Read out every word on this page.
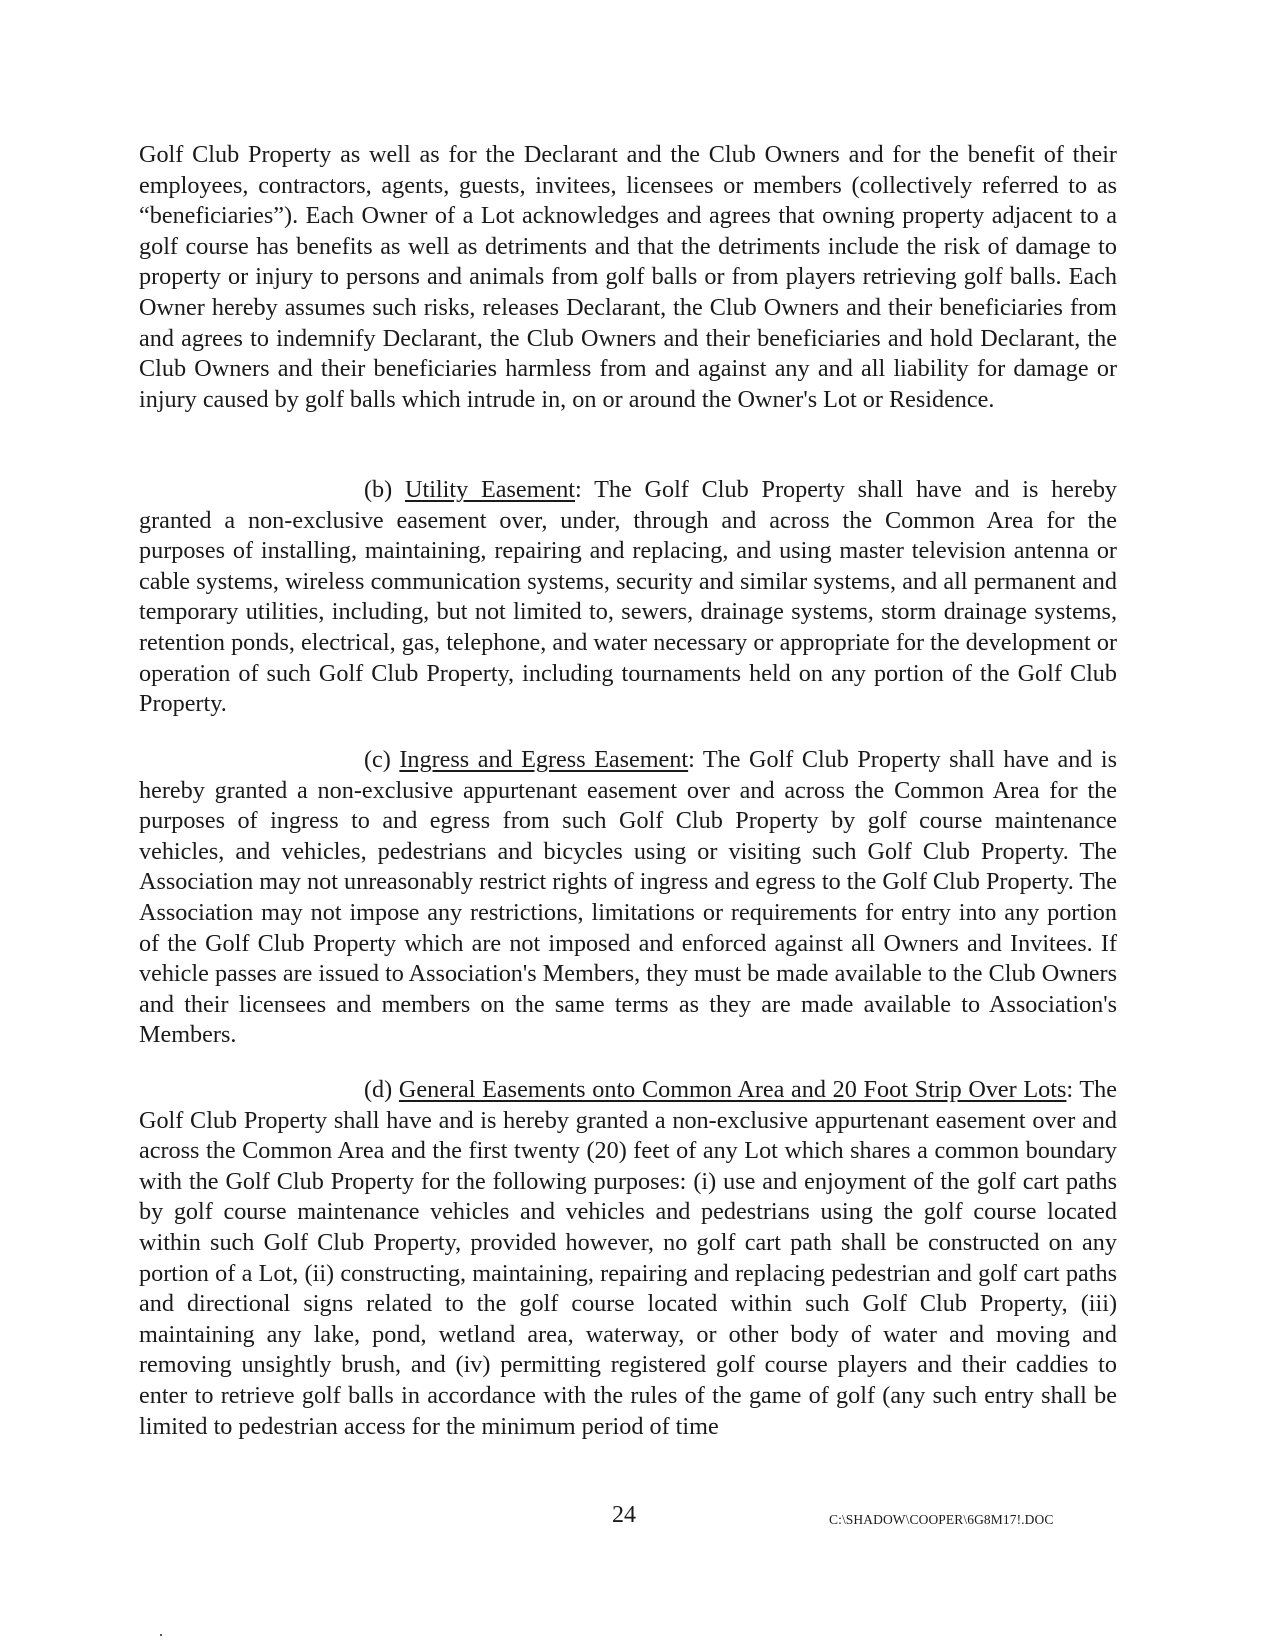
Golf Club Property as well as for the Declarant and the Club Owners and for the benefit of their employees, contractors, agents, guests, invitees, licensees or members (collectively referred to as “beneficiaries”). Each Owner of a Lot acknowledges and agrees that owning property adjacent to a golf course has benefits as well as detriments and that the detriments include the risk of damage to property or injury to persons and animals from golf balls or from players retrieving golf balls. Each Owner hereby assumes such risks, releases Declarant, the Club Owners and their beneficiaries from and agrees to indemnify Declarant, the Club Owners and their beneficiaries and hold Declarant, the Club Owners and their beneficiaries harmless from and against any and all liability for damage or injury caused by golf balls which intrude in, on or around the Owner's Lot or Residence.
(b) Utility Easement: The Golf Club Property shall have and is hereby granted a non-exclusive easement over, under, through and across the Common Area for the purposes of installing, maintaining, repairing and replacing, and using master television antenna or cable systems, wireless communication systems, security and similar systems, and all permanent and temporary utilities, including, but not limited to, sewers, drainage systems, storm drainage systems, retention ponds, electrical, gas, telephone, and water necessary or appropriate for the development or operation of such Golf Club Property, including tournaments held on any portion of the Golf Club Property.
(c) Ingress and Egress Easement: The Golf Club Property shall have and is hereby granted a non-exclusive appurtenant easement over and across the Common Area for the purposes of ingress to and egress from such Golf Club Property by golf course maintenance vehicles, and vehicles, pedestrians and bicycles using or visiting such Golf Club Property. The Association may not unreasonably restrict rights of ingress and egress to the Golf Club Property. The Association may not impose any restrictions, limitations or requirements for entry into any portion of the Golf Club Property which are not imposed and enforced against all Owners and Invitees. If vehicle passes are issued to Association's Members, they must be made available to the Club Owners and their licensees and members on the same terms as they are made available to Association's Members.
(d) General Easements onto Common Area and 20 Foot Strip Over Lots: The Golf Club Property shall have and is hereby granted a non-exclusive appurtenant easement over and across the Common Area and the first twenty (20) feet of any Lot which shares a common boundary with the Golf Club Property for the following purposes: (i) use and enjoyment of the golf cart paths by golf course maintenance vehicles and vehicles and pedestrians using the golf course located within such Golf Club Property, provided however, no golf cart path shall be constructed on any portion of a Lot, (ii) constructing, maintaining, repairing and replacing pedestrian and golf cart paths and directional signs related to the golf course located within such Golf Club Property, (iii) maintaining any lake, pond, wetland area, waterway, or other body of water and moving and removing unsightly brush, and (iv) permitting registered golf course players and their caddies to enter to retrieve golf balls in accordance with the rules of the game of golf (any such entry shall be limited to pedestrian access for the minimum period of time
24	C:\SHADOW\COOPER\6G8M17!.DOC
